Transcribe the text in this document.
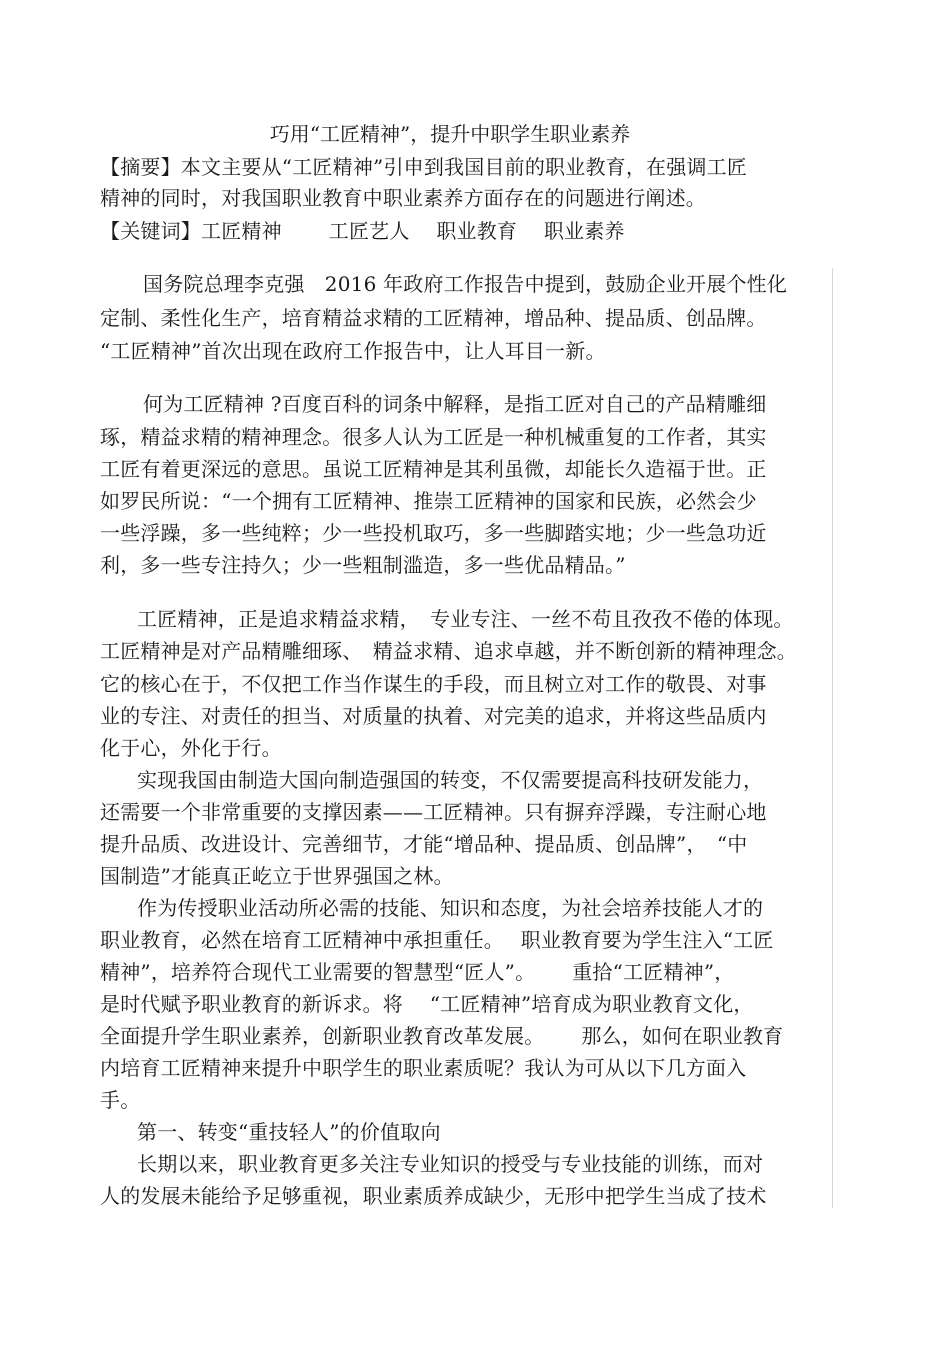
巧用“工匠精神”，提升中职学生职业素养
【摘要】本文主要从“工匠精神”引申到我国目前的职业教育，在强调工匠
精神的同时，对我国职业教育中职业素养方面存在的问题进行阐述。
【关键词】工匠精神　　 工匠艺人　 职业教育　 职业素养
国务院总理李克强　2016 年政府工作报告中提到，鼓励企业开展个性化
定制、柔性化生产，培育精益求精的工匠精神，增品种、提品质、创品牌。
“工匠精神”首次出现在政府工作报告中，让人耳目一新。
何为工匠精神 ?百度百科的词条中解释，是指工匠对自己的产品精雕细
琢，精益求精的精神理念。很多人认为工匠是一种机械重复的工作者，其实
工匠有着更深远的意思。虽说工匠精神是其利虽微，却能长久造福于世。正
如罗民所说：“一个拥有工匠精神、推崇工匠精神的国家和民族，必然会少
一些浮躁，多一些纯粹；少一些投机取巧，多一些脚踏实地；少一些急功近
利，多一些专注持久；少一些粗制滥造，多一些优品精品。”
工匠精神，正是追求精益求精，　专业专注、一丝不苟且孜孜不倦的体现。
工匠精神是对产品精雕细琢、　精益求精、追求卓越，并不断创新的精神理念。
它的核心在于，不仅把工作当作谋生的手段，而且树立对工作的敬畏、对事
业的专注、对责任的担当、对质量的执着、对完美的追求，并将这些品质内
化于心，外化于行。
实现我国由制造大国向制造强国的转变，不仅需要提高科技研发能力，
还需要一个非常重要的支撑因素——工匠精神。只有摒弃浮躁，专注耐心地
提升品质、改进设计、完善细节，才能“增品种、提品质、创品牌”，　“中
国制造”才能真正屹立于世界强国之林。
作为传授职业活动所必需的技能、知识和态度，为社会培养技能人才的
职业教育，必然在培育工匠精神中承担重任。　 职业教育要为学生注入“工匠
精神”，培养符合现代工业需要的智慧型“匠人”。　　 重拾“工匠精神”，
是时代赋予职业教育的新诉求。将　 “工匠精神”培育成为职业教育文化，
全面提升学生职业素养，创新职业教育改革发展。　　 那么，如何在职业教育
内培育工匠精神来提升中职学生的职业素质呢？我认为可从以下几方面入
手。
第一、转变“重技轻人”的价值取向
长期以来，职业教育更多关注专业知识的授受与专业技能的训练，而对
人的发展未能给予足够重视，职业素质养成缺少，无形中把学生当成了技术
